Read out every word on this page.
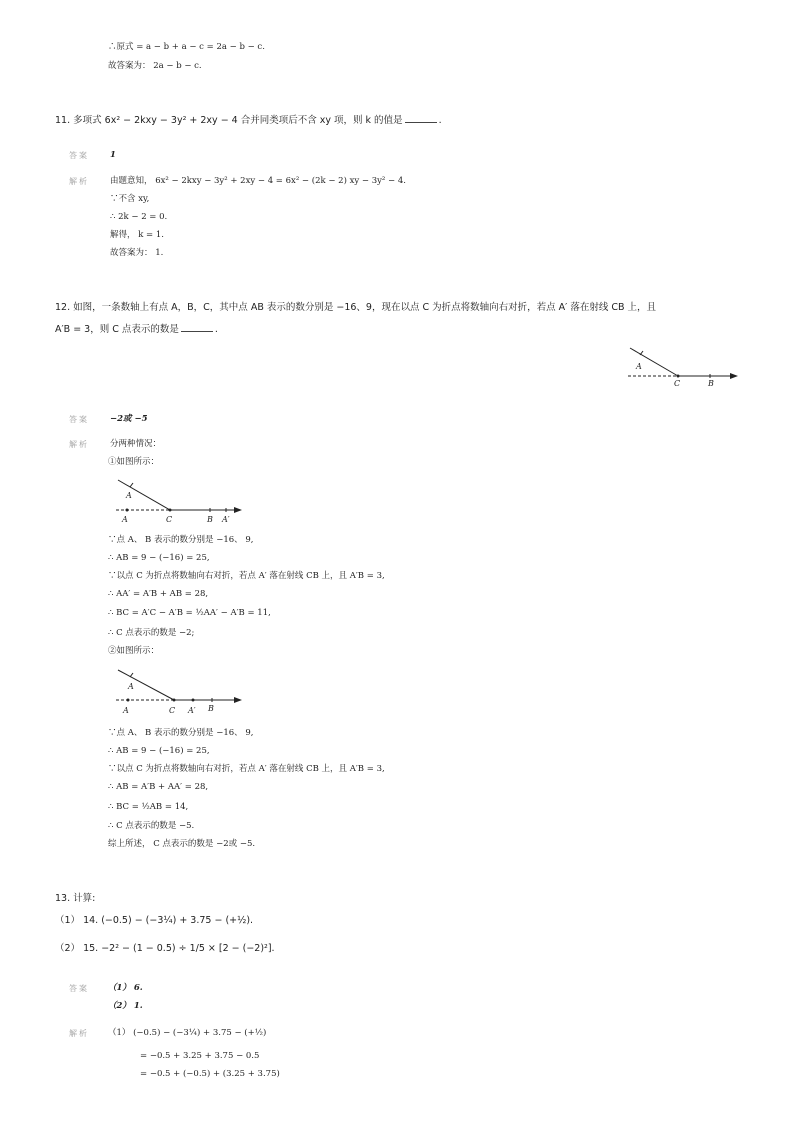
∴原式 = a − b + a − c = 2a − b − c.
故答案为： 2a − b − c.
11. 多项式 6x² − 2kxy − 3y² + 2xy − 4 合并同类项后不含 xy 项，则 k 的值是	.
答案 1
解析 由题意知， 6x² − 2kxy − 3y² + 2xy − 4 = 6x² − (2k − 2) xy − 3y² − 4.
∵不含 xy,
∴ 2k − 2 = 0.
解得， k = 1.
故答案为： 1.
12. 如图，一条数轴上有点 A，B，C，其中点 AB 表示的数分别是 −16、9，现在以点 C 为折点将数轴向右对折，若点 A′ 落在射线 CB 上，且
A′B = 3，则 C 点表示的数是	.
A
C	B
答案 −2或 −5
解析 分两种情况：
①如图所示：
A
A	C	B A′
∵点 A、 B 表示的数分别是 −16、 9,
∴ AB = 9 − (−16) = 25,
∵以点 C 为折点将数轴向右对折，若点 A′ 落在射线 CB 上，且 A′B = 3,
∴ AA′ = A′B + AB = 28,
∴ BC = A′C − A′B = ½AA′ − A′B = 11,
∴ C 点表示的数是 −2;
②如图所示：
A
A	C A′ B
∵点 A、 B 表示的数分别是 −16、 9,
∴ AB = 9 − (−16) = 25,
∵以点 C 为折点将数轴向右对折，若点 A′ 落在射线 CB 上，且 A′B = 3,
∴ AB = A′B + AA′ = 28,
∴ BC = ½AB = 14,
∴ C 点表示的数是 −5.
综上所述， C 点表示的数是 −2或 −5.
13. 计算:
（1） 14. (−0.5) − (−3¼) + 3.75 − (+½).
（2） 15. −2² − (1 − 0.5) ÷ 1/5 × [2 − (−2)²].
答案 （1） 6.
（2） 1.
解析 （1） (−0.5) − (−3¼) + 3.75 − (+½)
= −0.5 + 3.25 + 3.75 − 0.5
= −0.5 + (−0.5) + (3.25 + 3.75)
